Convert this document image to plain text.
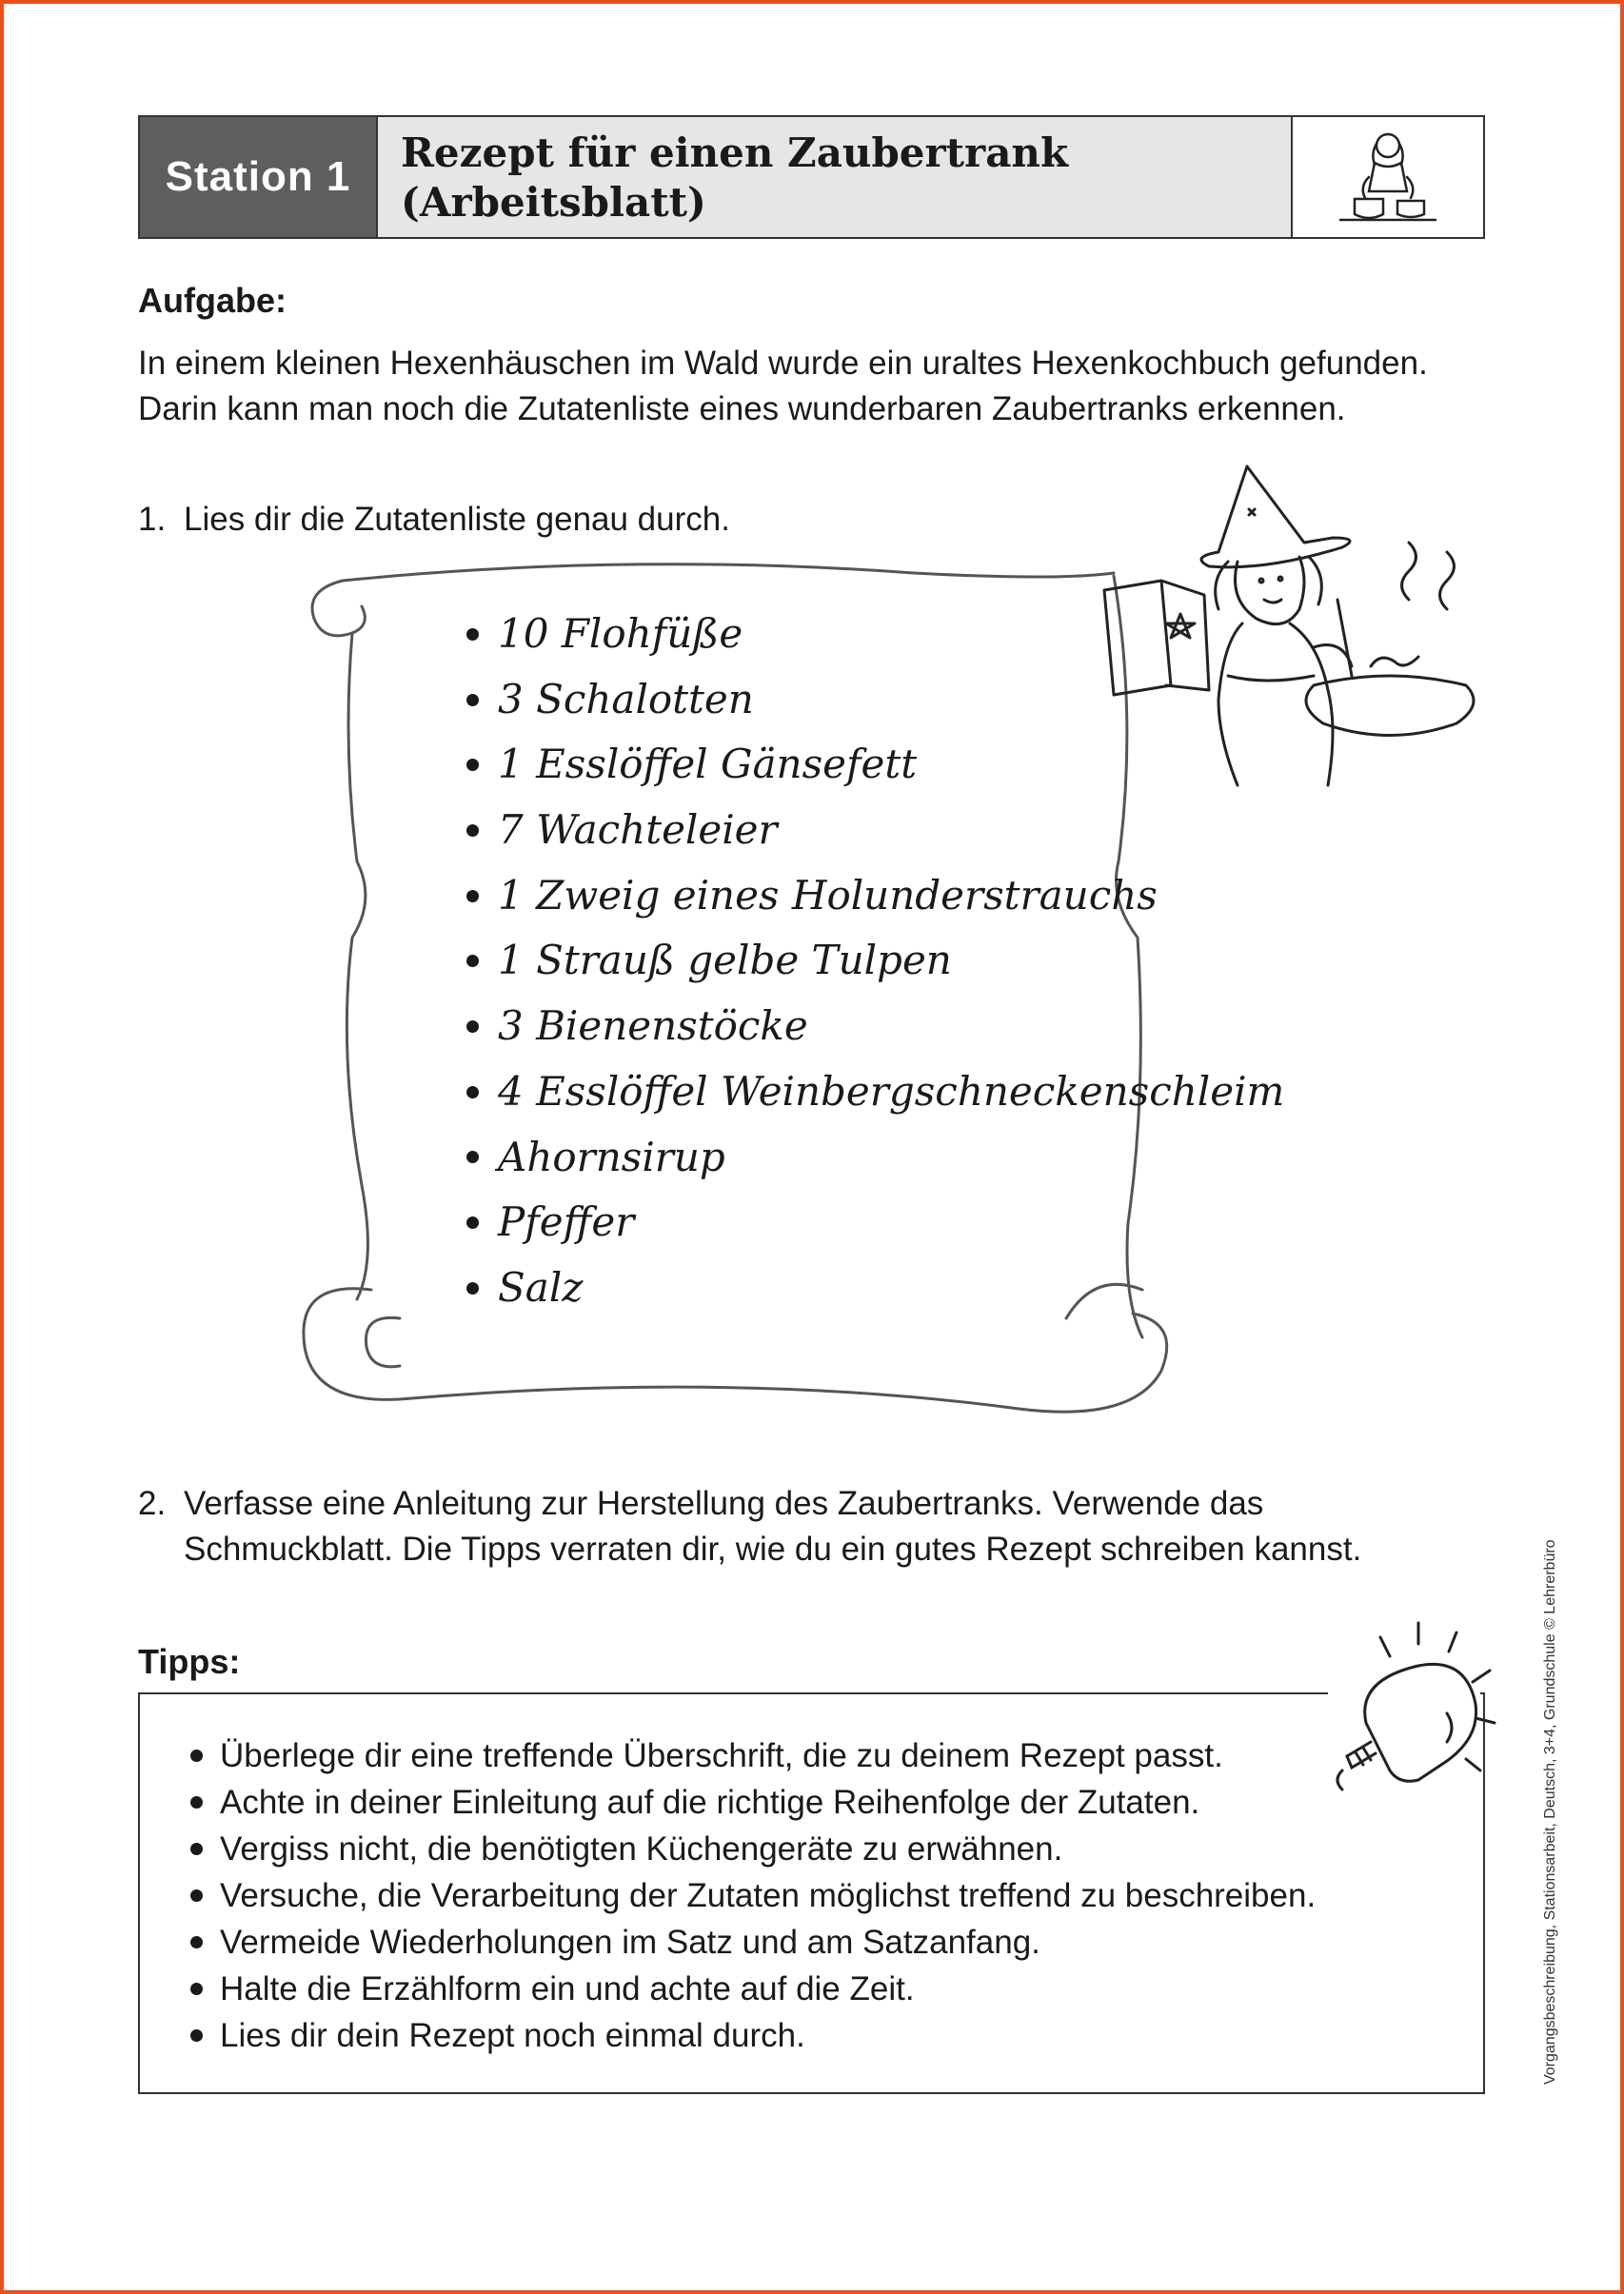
Station 1
Rezept für einen Zaubertrank
(Arbeitsblatt)
Aufgabe:
In einem kleinen Hexenhäuschen im Wald wurde ein uraltes Hexenkochbuch gefunden. Darin kann man noch die Zutatenliste eines wunderbaren Zaubertranks erkennen.
1. Lies dir die Zutatenliste genau durch.
10 Flohfüße
3 Schalotten
1 Esslöffel Gänsefett
7 Wachteleier
1 Zweig eines Holunderstrauchs
1 Strauß gelbe Tulpen
3 Bienenstöcke
4 Esslöffel Weinbergschneckenschleim
Ahornsirup
Pfeffer
Salz
2. Verfasse eine Anleitung zur Herstellung des Zaubertranks. Verwende das Schmuckblatt. Die Tipps verraten dir, wie du ein gutes Rezept schreiben kannst.
Tipps:
Überlege dir eine treffende Überschrift, die zu deinem Rezept passt.
Achte in deiner Einleitung auf die richtige Reihenfolge der Zutaten.
Vergiss nicht, die benötigten Küchengeräte zu erwähnen.
Versuche, die Verarbeitung der Zutaten möglichst treffend zu beschreiben.
Vermeide Wiederholungen im Satz und am Satzanfang.
Halte die Erzählform ein und achte auf die Zeit.
Lies dir dein Rezept noch einmal durch.	Vorgangsbeschreibung, Stationsarbeit, Deutsch, 3+4, Grundschule © Lehrerbüro
